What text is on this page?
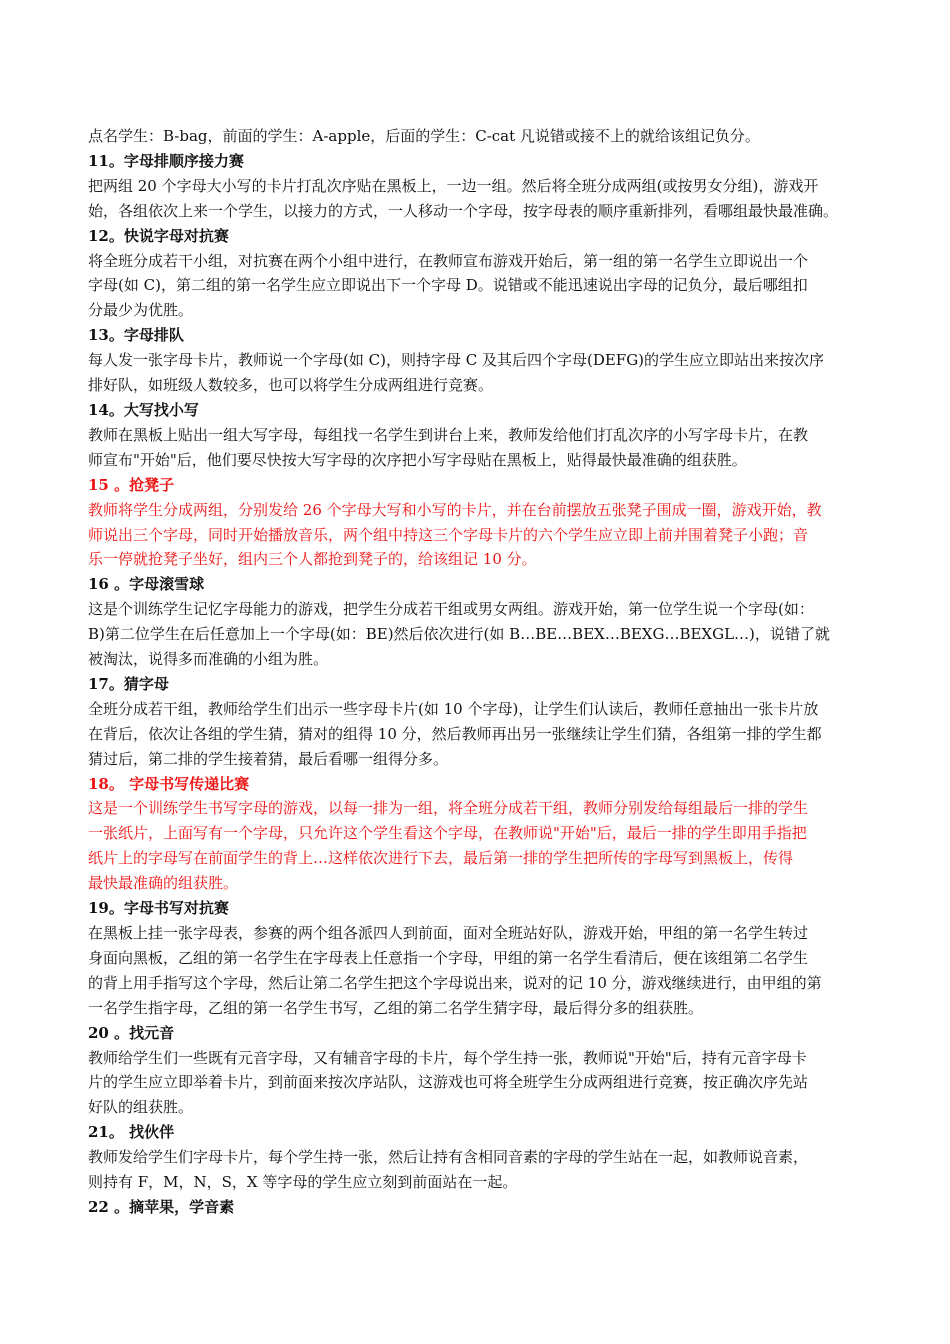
点名学生：B-bag，前面的学生：A-apple，后面的学生：C-cat 凡说错或接不上的就给该组记负分。
11。字母排顺序接力赛
把两组 20 个字母大小写的卡片打乱次序贴在黑板上，一边一组。然后将全班分成两组(或按男女分组)，游戏开
始，各组依次上来一个学生，以接力的方式，一人移动一个字母，按字母表的顺序重新排列，看哪组最快最准确。
12。快说字母对抗赛
将全班分成若干小组，对抗赛在两个小组中进行，在教师宣布游戏开始后，第一组的第一名学生立即说出一个
字母(如 C)，第二组的第一名学生应立即说出下一个字母 D。说错或不能迅速说出字母的记负分，最后哪组扣
分最少为优胜。
13。字母排队
每人发一张字母卡片，教师说一个字母(如 C)，则持字母 C 及其后四个字母(DEFG)的学生应立即站出来按次序
排好队，如班级人数较多，也可以将学生分成两组进行竞赛。
14。大写找小写
教师在黑板上贴出一组大写字母，每组找一名学生到讲台上来，教师发给他们打乱次序的小写字母卡片，在教
师宣布"开始"后，他们要尽快按大写字母的次序把小写字母贴在黑板上，贴得最快最准确的组获胜。
15 。抢凳子
教师将学生分成两组，分别发给 26 个字母大写和小写的卡片，并在台前摆放五张凳子围成一圈，游戏开始，教
师说出三个字母，同时开始播放音乐，两个组中持这三个字母卡片的六个学生应立即上前并围着凳子小跑；音
乐一停就抢凳子坐好，组内三个人都抢到凳子的，给该组记 10 分。
16 。字母滚雪球
这是个训练学生记忆字母能力的游戏，把学生分成若干组或男女两组。游戏开始，第一位学生说一个字母(如：
B)第二位学生在后任意加上一个字母(如：BE)然后依次进行(如 B…BE…BEX…BEXG…BEXGL…)，说错了就
被淘汰，说得多而准确的小组为胜。
17。猜字母
全班分成若干组，教师给学生们出示一些字母卡片(如 10 个字母)，让学生们认读后，教师任意抽出一张卡片放
在背后，依次让各组的学生猜，猜对的组得 10 分，然后教师再出另一张继续让学生们猜，各组第一排的学生都
猜过后，第二排的学生接着猜，最后看哪一组得分多。
18。 字母书写传递比赛
这是一个训练学生书写字母的游戏，以每一排为一组，将全班分成若干组，教师分别发给每组最后一排的学生
一张纸片，上面写有一个字母，只允许这个学生看这个字母，在教师说"开始"后，最后一排的学生即用手指把
纸片上的字母写在前面学生的背上…这样依次进行下去，最后第一排的学生把所传的字母写到黑板上，传得
最快最准确的组获胜。
19。字母书写对抗赛
在黑板上挂一张字母表，参赛的两个组各派四人到前面，面对全班站好队，游戏开始，甲组的第一名学生转过
身面向黑板，乙组的第一名学生在字母表上任意指一个字母，甲组的第一名学生看清后，便在该组第二名学生
的背上用手指写这个字母，然后让第二名学生把这个字母说出来，说对的记 10 分，游戏继续进行，由甲组的第
一名学生指字母，乙组的第一名学生书写，乙组的第二名学生猜字母，最后得分多的组获胜。
20 。找元音
教师给学生们一些既有元音字母，又有辅音字母的卡片，每个学生持一张，教师说"开始"后，持有元音字母卡
片的学生应立即举着卡片，到前面来按次序站队，这游戏也可将全班学生分成两组进行竞赛，按正确次序先站
好队的组获胜。
21。 找伙伴
教师发给学生们字母卡片，每个学生持一张，然后让持有含相同音素的字母的学生站在一起，如教师说音素，
则持有 F，M，N，S，X 等字母的学生应立刻到前面站在一起。
22 。摘苹果，学音素
